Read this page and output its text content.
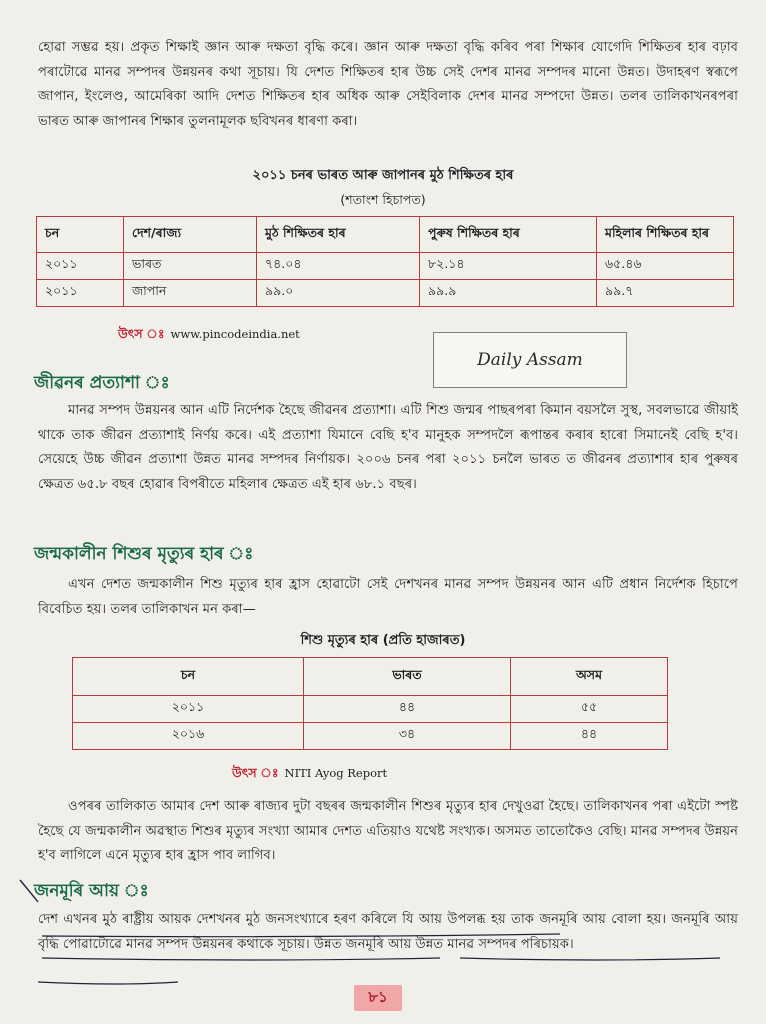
হোৱা সম্ভৱ হয়। প্ৰকৃত শিক্ষাই জ্ঞান আৰু দক্ষতা বৃদ্ধি কৰে। জ্ঞান আৰু দক্ষতা বৃদ্ধি কৰিব পৰা শিক্ষাৰ যোগেদি শিক্ষিতৰ হাৰ বঢ়াব পৰাটোৱে মানৱ সম্পদৰ উন্নয়নৰ কথা সূচায়। যি দেশত শিক্ষিতৰ হাৰ উচ্চ সেই দেশৰ মানৱ সম্পদৰ মানো উন্নত। উদাহৰণ স্বৰূপে জাপান, ইংলেণ্ড, আমেৰিকা আদি দেশত শিক্ষিতৰ হাৰ অধিক আৰু সেইবিলাক দেশৰ মানৱ সম্পদো উন্নত। তলৰ তালিকাখনৰপৰা ভাৰত আৰু জাপানৰ শিক্ষাৰ তুলনামূলক ছবিখনৰ ধাৰণা কৰা।

২০১১ চনৰ ভাৰত আৰু জাপানৰ মুঠ শিক্ষিতৰ হাৰ

(শতাংশ হিচাপত)

চন	দেশ/ৰাজ্য	মুঠ শিক্ষিতৰ হাৰ	পুৰুষ শিক্ষিতৰ হাৰ	মহিলাৰ শিক্ষিতৰ হাৰ
২০১১	ভাৰত	৭৪.০৪	৮২.১৪	৬৫.৪৬
২০১১	জাপান	৯৯.০	৯৯.৯	৯৯.৭

উৎস ঃ www.pincodeindia.net

Daily Assam

জীৱনৰ প্ৰত্যাশা ঃ

মানৱ সম্পদ উন্নয়নৰ আন এটি নিৰ্দেশক হৈছে জীৱনৰ প্ৰত্যাশা। এটি শিশু জন্মৰ পাছৰপৰা কিমান বয়সলৈ সুস্থ, সবলভাৱে জীয়াই থাকে তাক জীৱন প্ৰত্যাশাই নিৰ্ণয় কৰে। এই প্ৰত্যাশা যিমানে বেছি হ'ব মানুহক সম্পদলৈ ৰূপান্তৰ কৰাৰ হাৰো সিমানেই বেছি হ'ব। সেয়েহে উচ্চ জীৱন প্ৰত্যাশা উন্নত মানৱ সম্পদৰ নিৰ্ণায়ক। ২০০৬ চনৰ পৰা ২০১১ চনলৈ ভাৰত ত জীৱনৰ প্ৰত্যাশাৰ হাৰ পুৰুষৰ ক্ষেত্ৰত ৬৫.৮ বছৰ হোৱাৰ বিপৰীতে মহিলাৰ ক্ষেত্ৰত এই হাৰ ৬৮.১ বছৰ।

জন্মকালীন শিশুৰ মৃত্যুৰ হাৰ ঃ

এখন দেশত জন্মকালীন শিশু মৃত্যুৰ হাৰ হ্ৰাস হোৱাটো সেই দেশখনৰ মানৱ সম্পদ উন্নয়নৰ আন এটি প্ৰধান নিৰ্দেশক হিচাপে বিবেচিত হয়। তলৰ তালিকাখন মন কৰা—

শিশু মৃত্যুৰ হাৰ (প্ৰতি হাজাৰত)

চন	ভাৰত	অসম
২০১১	৪৪	৫৫
২০১৬	৩৪	৪৪

উৎস ঃ NITI Ayog Report

ওপৰৰ তালিকাত আমাৰ দেশ আৰু ৰাজ্যৰ দুটা বছৰৰ জন্মকালীন শিশুৰ মৃত্যুৰ হাৰ দেখুওৱা হৈছে। তালিকাখনৰ পৰা এইটো স্পষ্ট হৈছে যে জন্মকালীন অৱস্থাত শিশুৰ মৃত্যুৰ সংখ্যা আমাৰ দেশত এতিয়াও যথেষ্ট সংখ্যক। অসমত তাতোকৈও বেছি। মানৱ সম্পদৰ উন্নয়ন হ'ব লাগিলে এনে মৃত্যুৰ হাৰ হ্ৰাস পাব লাগিব।

জনমূৰি আয় ঃ

দেশ এখনৰ মুঠ ৰাষ্ট্ৰীয় আয়ক দেশখনৰ মুঠ জনসংখ্যাৰে হৰণ কৰিলে যি আয় উপলব্ধ হয় তাক জনমূৰি আয় বোলা হয়। জনমূৰি আয় বৃদ্ধি পোৱাটোৱে মানৱ সম্পদ উন্নয়নৰ কথাকে সূচায়। উন্নত জনমূৰি আয় উন্নত মানৱ সম্পদৰ পৰিচায়ক।

৮১
